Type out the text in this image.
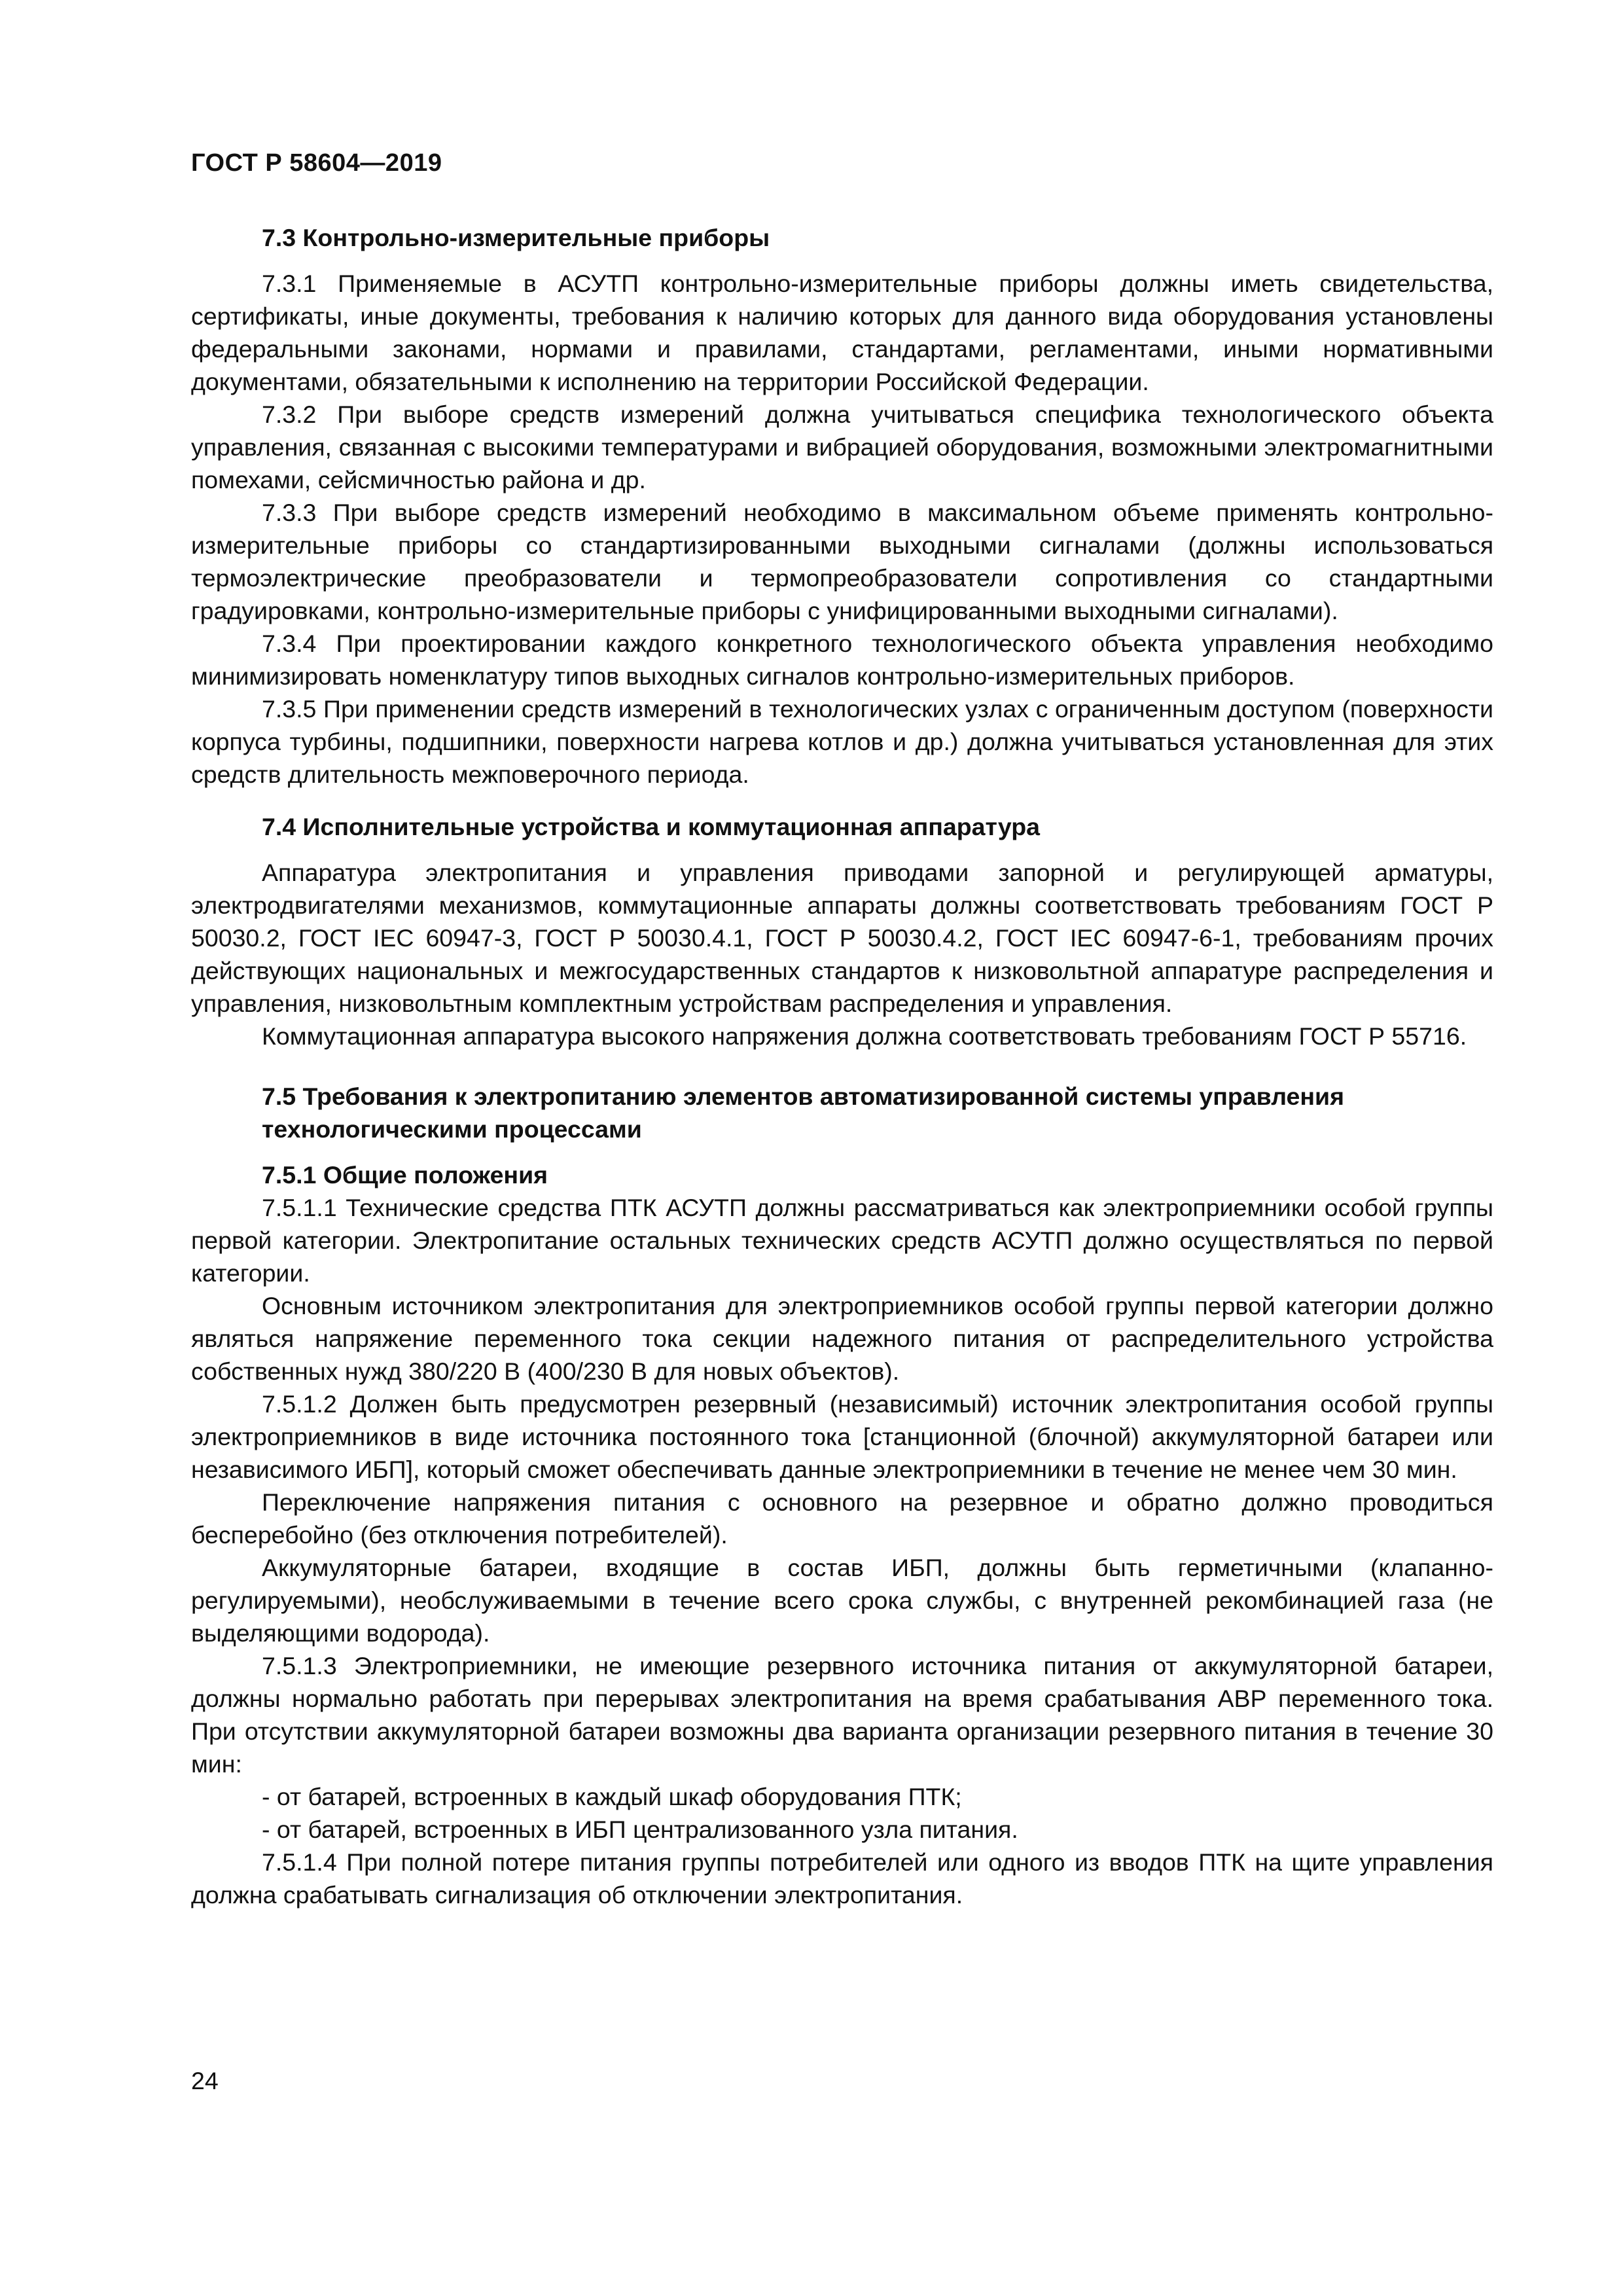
ГОСТ Р 58604—2019
7.3 Контрольно-измерительные приборы

7.3.1 Применяемые в АСУТП контрольно-измерительные приборы должны иметь свидетельства, сертификаты, иные документы, требования к наличию которых для данного вида оборудования установлены федеральными законами, нормами и правилами, стандартами, регламентами, иными нормативными документами, обязательными к исполнению на территории Российской Федерации.

7.3.2 При выборе средств измерений должна учитываться специфика технологического объекта управления, связанная с высокими температурами и вибрацией оборудования, возможными электромагнитными помехами, сейсмичностью района и др.

7.3.3 При выборе средств измерений необходимо в максимальном объеме применять контрольно-измерительные приборы со стандартизированными выходными сигналами (должны использоваться термоэлектрические преобразователи и термопреобразователи сопротивления со стандартными градуировками, контрольно-измерительные приборы с унифицированными выходными сигналами).

7.3.4 При проектировании каждого конкретного технологического объекта управления необходимо минимизировать номенклатуру типов выходных сигналов контрольно-измерительных приборов.

7.3.5 При применении средств измерений в технологических узлах с ограниченным доступом (поверхности корпуса турбины, подшипники, поверхности нагрева котлов и др.) должна учитываться установленная для этих средств длительность межповерочного периода.

7.4 Исполнительные устройства и коммутационная аппаратура

Аппаратура электропитания и управления приводами запорной и регулирующей арматуры, электродвигателями механизмов, коммутационные аппараты должны соответствовать требованиям ГОСТ Р 50030.2, ГОСТ IEC 60947-3, ГОСТ Р 50030.4.1, ГОСТ Р 50030.4.2, ГОСТ IEC 60947-6-1, требованиям прочих действующих национальных и межгосударственных стандартов к низковольтной аппаратуре распределения и управления, низковольтным комплектным устройствам распределения и управления.

Коммутационная аппаратура высокого напряжения должна соответствовать требованиям ГОСТ Р 55716.

7.5 Требования к электропитанию элементов автоматизированной системы управления
технологическими процессами
7.5.1 Общие положения

7.5.1.1 Технические средства ПТК АСУТП должны рассматриваться как электроприемники особой группы первой категории. Электропитание остальных технических средств АСУТП должно осуществляться по первой категории.

Основным источником электропитания для электроприемников особой группы первой категории должно являться напряжение переменного тока секции надежного питания от распределительного устройства собственных нужд 380/220 В (400/230 В для новых объектов).

7.5.1.2 Должен быть предусмотрен резервный (независимый) источник электропитания особой группы электроприемников в виде источника постоянного тока [станционной (блочной) аккумуляторной батареи или независимого ИБП], который сможет обеспечивать данные электроприемники в течение не менее чем 30 мин.

Переключение напряжения питания с основного на резервное и обратно должно проводиться бесперебойно (без отключения потребителей).

Аккумуляторные батареи, входящие в состав ИБП, должны быть герметичными (клапанно-регулируемыми), необслуживаемыми в течение всего срока службы, с внутренней рекомбинацией газа (не выделяющими водорода).

7.5.1.3 Электроприемники, не имеющие резервного источника питания от аккумуляторной батареи, должны нормально работать при перерывах электропитания на время срабатывания АВР переменного тока. При отсутствии аккумуляторной батареи возможны два варианта организации резервного питания в течение 30 мин:

- от батарей, встроенных в каждый шкаф оборудования ПТК;
- от батарей, встроенных в ИБП централизованного узла питания.

7.5.1.4 При полной потере питания группы потребителей или одного из вводов ПТК на щите управления должна срабатывать сигнализация об отключении электропитания.

24
